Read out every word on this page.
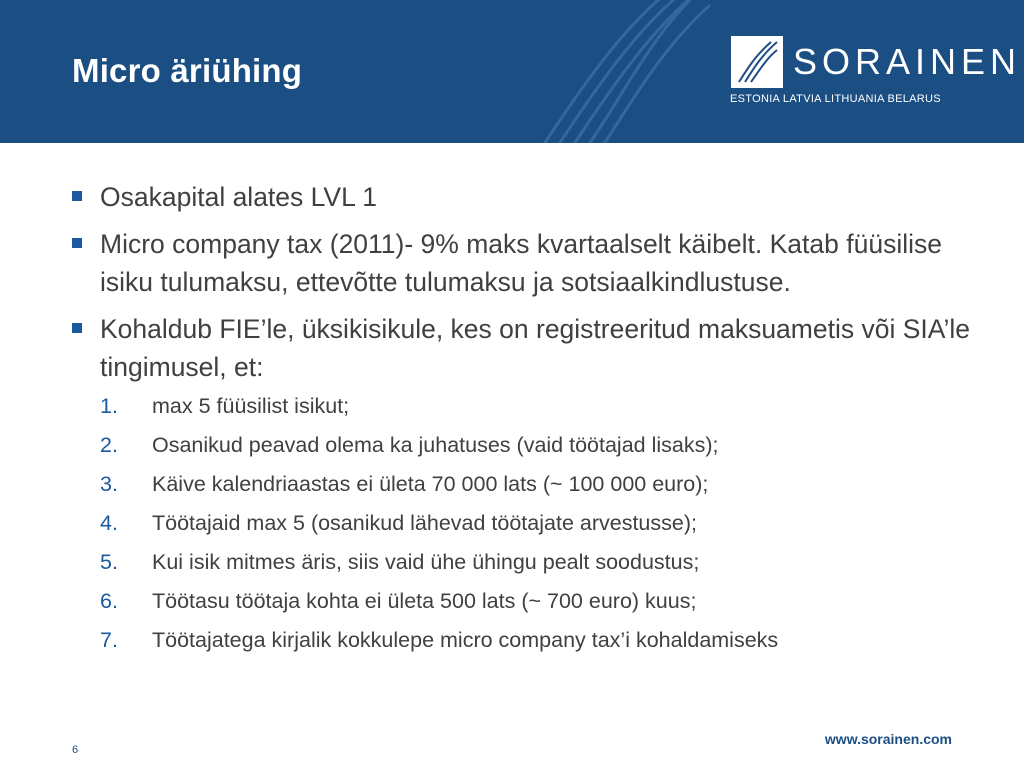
Micro äriühing	SORAINEN
ESTONIA LATVIA LITHUANIA BELARUS
Osakapital alates LVL 1
Micro company tax (2011)- 9% maks kvartaalselt käibelt. Katab füüsilise isiku tulumaksu, ettevõtte tulumaksu ja sotsiaalkindlustuse.
Kohaldub FIE’le, üksikisikule, kes on registreeritud maksuametis või SIA’le tingimusel, et:
1. max 5 füüsilist isikut;
2. Osanikud peavad olema ka juhatuses (vaid töötajad lisaks);
3. Käive kalendriaastas ei ületa 70 000 lats (~ 100 000 euro);
4. Töötajaid max 5 (osanikud lähevad töötajate arvestusse);
5. Kui isik mitmes äris, siis vaid ühe ühingu pealt soodustus;
6. Töötasu töötaja kohta ei ületa 500 lats (~ 700 euro) kuus;
7. Töötajatega kirjalik kokkulepe micro company tax’i kohaldamiseks
6
www.sorainen.com
